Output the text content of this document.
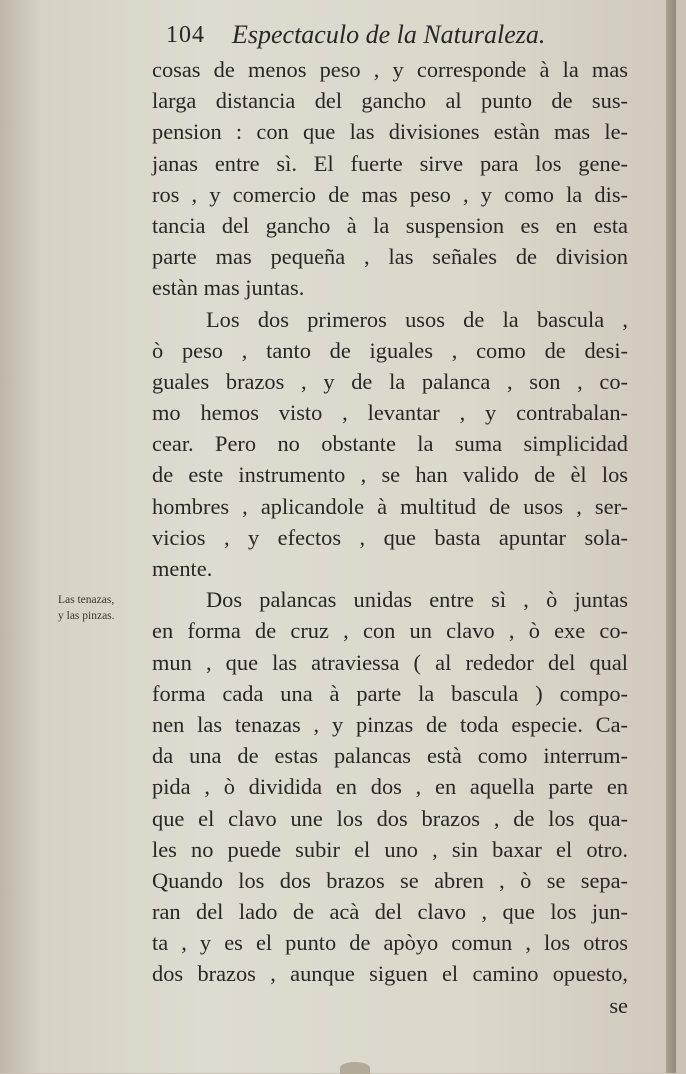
104 Espectaculo de la Naturaleza.
Las tenazas,
y las pinzas.
cosas de menos peso , y corresponde à la mas
larga distancia del gancho al punto de sus-
pension : con que las divisiones estàn mas le-
janas entre sì. El fuerte sirve para los gene-
ros , y comercio de mas peso , y como la dis-
tancia del gancho à la suspension es en esta
parte mas pequeña , las señales de division
estàn mas juntas.
Los dos primeros usos de la bascula ,
ò peso , tanto de iguales , como de desi-
guales brazos , y de la palanca , son , co-
mo hemos visto , levantar , y contrabalan-
cear. Pero no obstante la suma simplicidad
de este instrumento , se han valido de èl los
hombres , aplicandole à multitud de usos , ser-
vicios , y efectos , que basta apuntar sola-
mente.
Dos palancas unidas entre sì , ò juntas
en forma de cruz , con un clavo , ò exe co-
mun , que las atraviessa ( al rededor del qual
forma cada una à parte la bascula ) compo-
nen las tenazas , y pinzas de toda especie. Ca-
da una de estas palancas està como interrum-
pida , ò dividida en dos , en aquella parte en
que el clavo une los dos brazos , de los qua-
les no puede subir el uno , sin baxar el otro.
Quando los dos brazos se abren , ò se sepa-
ran del lado de acà del clavo , que los jun-
ta , y es el punto de apòyo comun , los otros
dos brazos , aunque siguen el camino opuesto,
se
